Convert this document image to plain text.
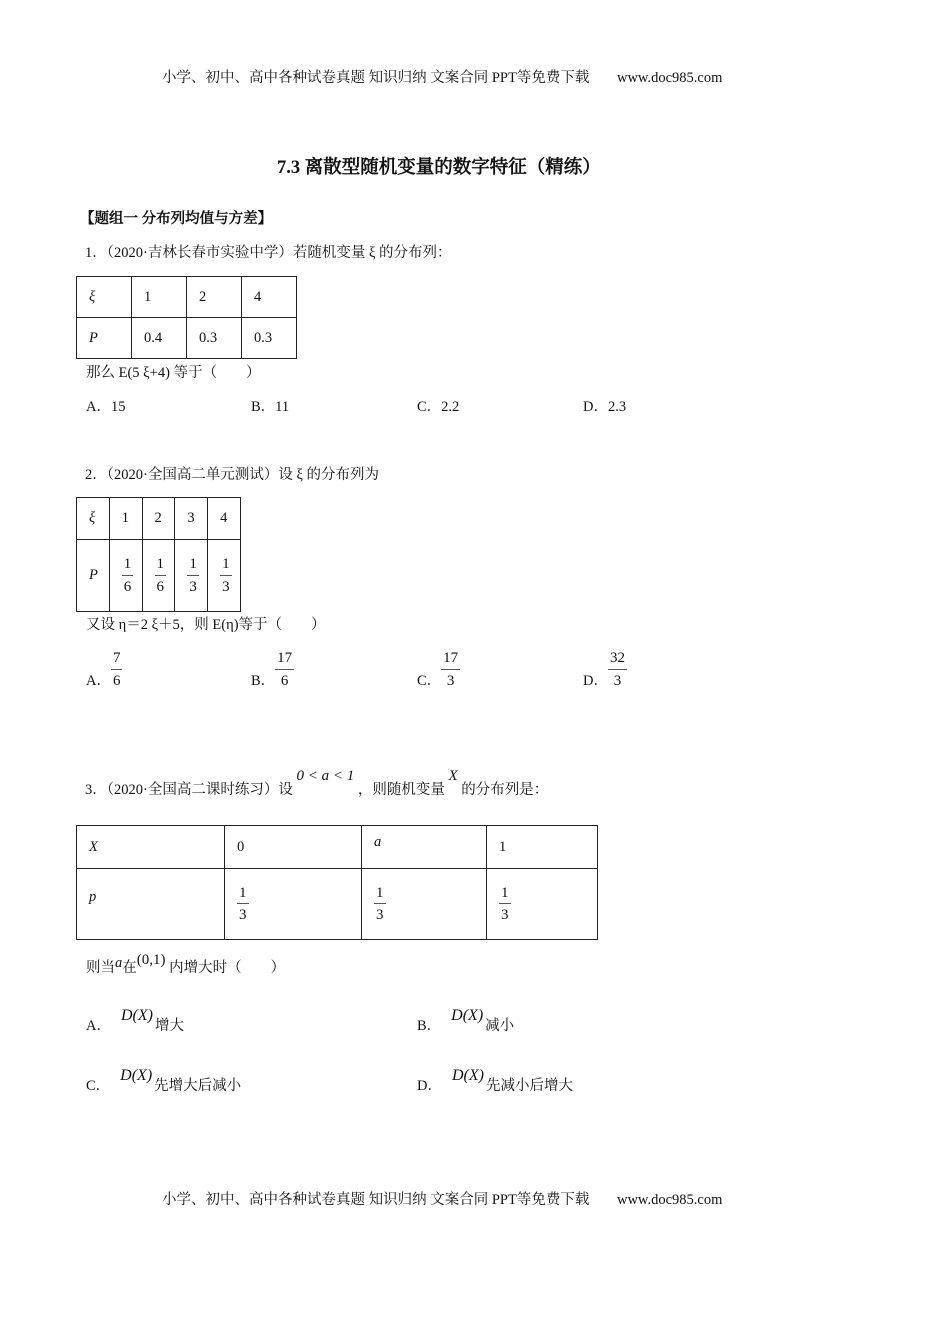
小学、初中、高中各种试卷真题 知识归纳 文案合同 PPT等免费下载 www.doc985.com
7.3 离散型随机变量的数字特征（精练）
【题组一 分布列均值与方差】
1．（2020·吉林长春市实验中学）若随机变量 ξ 的分布列：
ξ	1	2	4
P	0.4	0.3	0.3
那么 E(5 ξ+4) 等于（　　）
A．15	B．11	C．2.2	D．2.3
2．（2020·全国高二单元测试）设 ξ 的分布列为
ξ	1	2	3	4
P	$\frac{1}{6}$	$\frac{1}{6}$	$\frac{1}{3}$	$\frac{1}{3}$
又设 η＝2 ξ＋5，则 E(η)等于（　　）
A． $\frac{7}{6}$	B． $\frac{17}{6}$	C． $\frac{17}{3}$	D． $\frac{32}{3}$
3．（2020·全国高二课时练习）设 0 < a < 1 ，则随机变量 X 的分布列是：
X	0	a	1
p	$\frac{1}{3}$	$\frac{1}{3}$	$\frac{1}{3}$
则当a在(0,1) 内增大时（　　）
A．D(X)增大	B．D(X)减小
C．D(X)先增大后减小	D．D(X)先减小后增大
小学、初中、高中各种试卷真题 知识归纳 文案合同 PPT等免费下载 www.doc985.com
